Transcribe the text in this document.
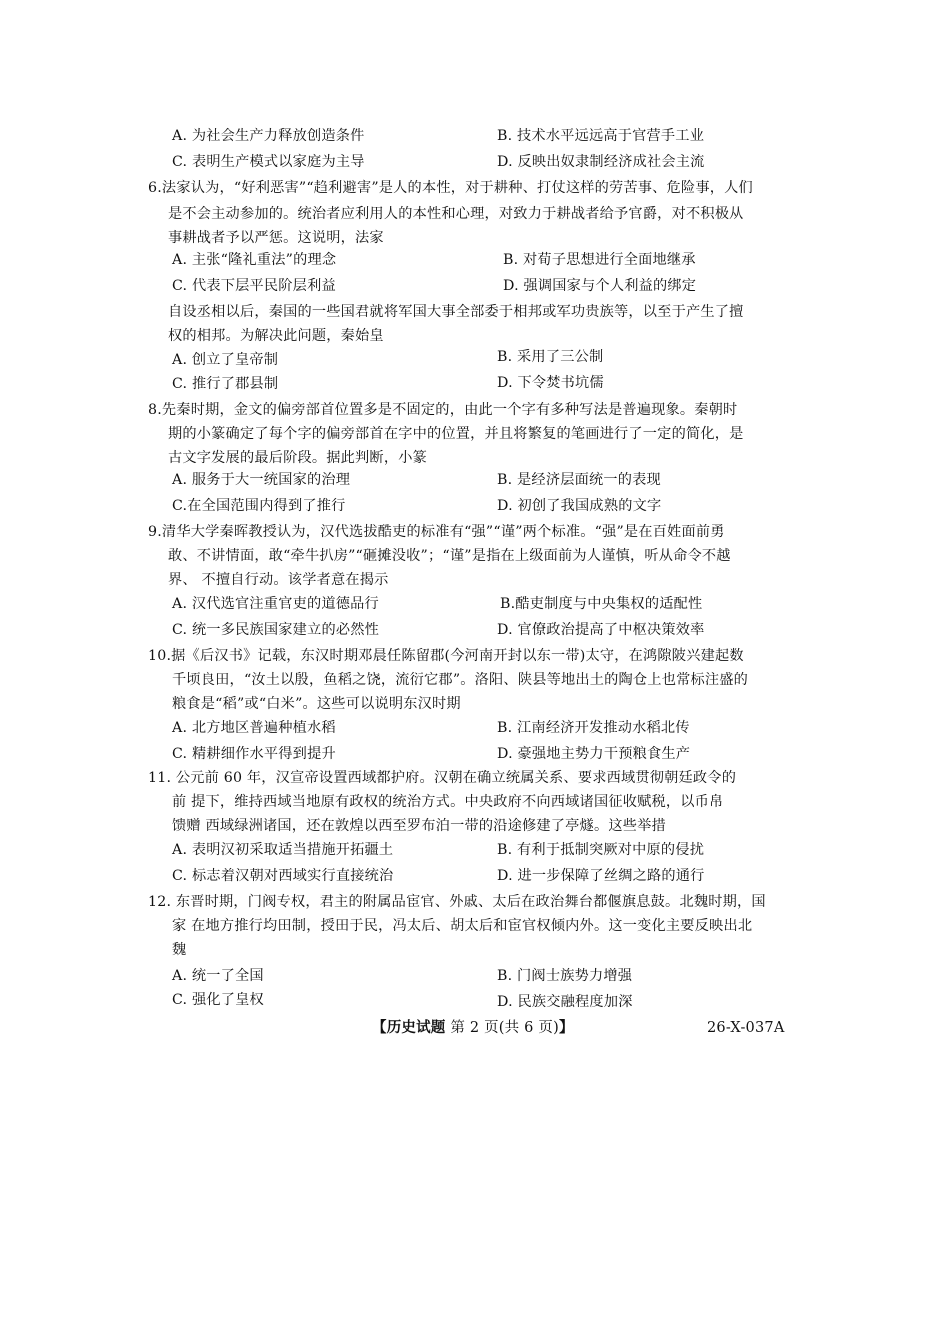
A. 为社会生产力释放创造条件	B. 技术水平远远高于官营手工业
C. 表明生产模式以家庭为主导	D. 反映出奴隶制经济成社会主流
6.法家认为，“好利恶害”“趋利避害”是人的本性，对于耕种、打仗这样的劳苦事、危险事，人们
是不会主动参加的。统治者应利用人的本性和心理，对致力于耕战者给予官爵，对不积极从
事耕战者予以严惩。这说明，法家
A. 主张“隆礼重法”的理念	B. 对荀子思想进行全面地继承
C. 代表下层平民阶层利益	D. 强调国家与个人利益的绑定
自设丞相以后，秦国的一些国君就将军国大事全部委于相邦或军功贵族等，以至于产生了擅
权的相邦。为解决此问题，秦始皇
A. 创立了皇帝制	B. 采用了三公制
C. 推行了郡县制	D. 下令焚书坑儒
8.先秦时期，金文的偏旁部首位置多是不固定的，由此一个字有多种写法是普遍现象。秦朝时
期的小篆确定了每个字的偏旁部首在字中的位置，并且将繁复的笔画进行了一定的简化，是
古文字发展的最后阶段。据此判断，小篆
A. 服务于大一统国家的治理	B. 是经济层面统一的表现
C.在全国范围内得到了推行	D. 初创了我国成熟的文字
9.清华大学秦晖教授认为，汉代选拔酷吏的标准有“强”“谨”两个标准。“强”是在百姓面前勇
敢、不讲情面，敢“牵牛扒房”“砸摊没收”；“谨”是指在上级面前为人谨慎，听从命令不越
界、 不擅自行动。该学者意在揭示
A. 汉代选官注重官吏的道德品行	B.酷吏制度与中央集权的适配性
C. 统一多民族国家建立的必然性	D. 官僚政治提高了中枢决策效率
10.据《后汉书》记载，东汉时期邓晨任陈留郡(今河南开封以东一带)太守，在鸿隙陂兴建起数
千顷良田，“汝土以殷，鱼稻之饶，流衍它郡”。洛阳、陕县等地出土的陶仓上也常标注盛的
粮食是“稻”或“白米”。这些可以说明东汉时期
A. 北方地区普遍种植水稻	B. 江南经济开发推动水稻北传
C. 精耕细作水平得到提升	D. 豪强地主势力干预粮食生产
11. 公元前 60 年，汉宣帝设置西域都护府。汉朝在确立统属关系、要求西域贯彻朝廷政令的
前 提下，维持西域当地原有政权的统治方式。中央政府不向西域诸国征收赋税，以币帛
馈赠 西域绿洲诸国，还在敦煌以西至罗布泊一带的沿途修建了亭燧。这些举措
A. 表明汉初采取适当措施开拓疆土	B. 有利于抵制突厥对中原的侵扰
C. 标志着汉朝对西域实行直接统治	D. 进一步保障了丝绸之路的通行
12. 东晋时期，门阀专权，君主的附属品宦官、外戚、太后在政治舞台都偃旗息鼓。北魏时期，国
家 在地方推行均田制，授田于民，冯太后、胡太后和宦官权倾内外。这一变化主要反映出北
魏
A. 统一了全国	B. 门阀士族势力增强
C. 强化了皇权	D. 民族交融程度加深
【历史试题 第 2 页(共 6 页)】	26-X-037A
